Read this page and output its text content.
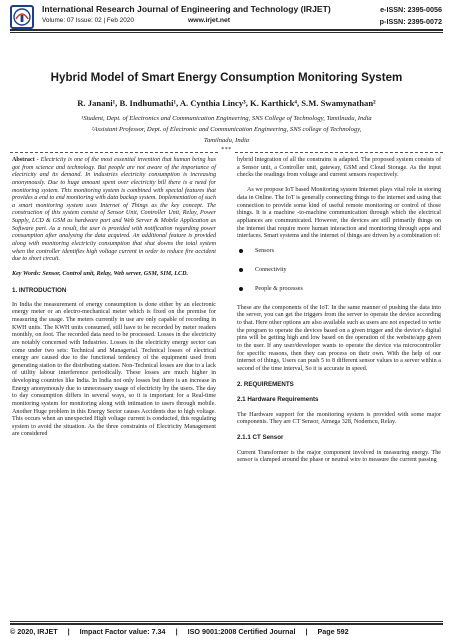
International Research Journal of Engineering and Technology (IRJET)
Volume: 07 Issue: 02 | Feb 2020	www.irjet.net
e-ISSN: 2395-0056
p-ISSN: 2395-0072
Hybrid Model of Smart Energy Consumption Monitoring System
R. Janani¹, B. Indhumathi¹, A. Cynthia Lincy³, K. Karthick⁴, S.M. Swamynathan²
¹Student, Dept. of Electronics and Communication Engineering, SNS College of Technology, Tamilnadu, India
²Assistant Professor, Dept. of Electronic and Communication Engineering, SNS college of Technology,
Tamilnadu, India
***

Abstract - Electricity is one of the most essential invention that human being has got from science and technology. But people are not aware of the importance of electricity and its demand. In industries electricity consumption is increasing anonymously. Due to huge amount spent over electricity bill there is a need for monitoring system. This monitoring system is combined with special features that provides a end to end monitoring with data backup system. Implementation of such a smart monitoring system uses Internet of Things as the key concept. The construction of this system consist of Sensor Unit, Controller Unit, Relay, Power Supply, LCD & GSM as hardware part and Web Server & Mobile Application as Software part. As a result, the user is provided with notification regarding power consumption after analysing the data acquired. An additional feature is provided along with monitoring electricity consumption that shut downs the total system when the controller identifies high voltage current in order to reduce fire accident due to short circuit.

Key Words: Sensor, Control unit, Relay, Web server, GSM, SIM, LCD.

1. INTRODUCTION

In India the measurement of energy consumption is done either by an electronic energy meter or an electro-mechanical meter which is fixed on the premise for measuring the usage. The meters currently in use are only capable of recording in KWH units. The KWH units consumed, still have to be recorded by meter readers monthly, on foot. The recorded data need to be processed. Losses in the electricity are notably concerned with Industries. Losses in the electricity energy sector can come under two sets: Technical and Managerial. Technical losses of electrical energy are caused due to the functional tendency of the equipment used from generating station to the distributing station. Non-Technical losses are due to a lack of utility labour interference periodically. These losses are much higher in developing countries like India. In India not only losses but there is an increase in Energy anonymously due to unnecessary usage of electricity by the users. The day to day consumption differs in several ways, so it is important for a Real-time monitoring system for monitoring along with intimation to users through mobile. Another Huge problem in this Energy Sector causes Accidents due to high voltage. This occurs when an unexpected High voltage current is conducted, this regulating system to avoid the situation. As the three constraints of Electricity Management are considered

hybrid Integration of all the constrains is adapted. The proposed system consists of a Sensor unit, a Controller unit, gateway, GSM and Cloud Storage. As the input checks the readings from voltage and current sensors respectively.

As we propose IoT based Monitoring system Internet plays vital role in storing data in Online. The IoT is generally connecting things to the internet and using that connection to provide some kind of useful remote monitoring or control of those things. It is a machine -to-machine communication through which the electrical appliances are communicated. However, the devices are still primarily things on the internet that require more human interaction and monitoring through apps and interfaces. Smart systems and the internet of things are driven by a combination of:

Sensors
Connectivity
People & processes

These are the components of the IoT. In the same manner of pushing the data into the server, you can get the triggers from the server to operate the device according to that. Here other options are also available such as users are not expected to write the program to operate the devices based on a given trigger and the device's digital pins will be getting high and low based on the operation of the website/app given to the user. If any user/developer wants to operate the device via microcontroller for specific reasons, then they can process on their own. With the help of our internet of things, Users can push 5 to 8 different sensor values to a server within a second of the time interval, So it is accurate in speed.

2. REQUIREMENTS

2.1 Hardware Requirements

The Hardware support for the monitoring system is provided with some major components. They are CT Sensor, Atmega 328, Nodemcu, Relay.

2.1.1 CT Sensor

Current Transformer is the major component involved in measuring energy. The sensor is clamped around the phase or neutral wire to measure the current passing

© 2020, IRJET | Impact Factor value: 7.34 | ISO 9001:2008 Certified Journal | Page 592
